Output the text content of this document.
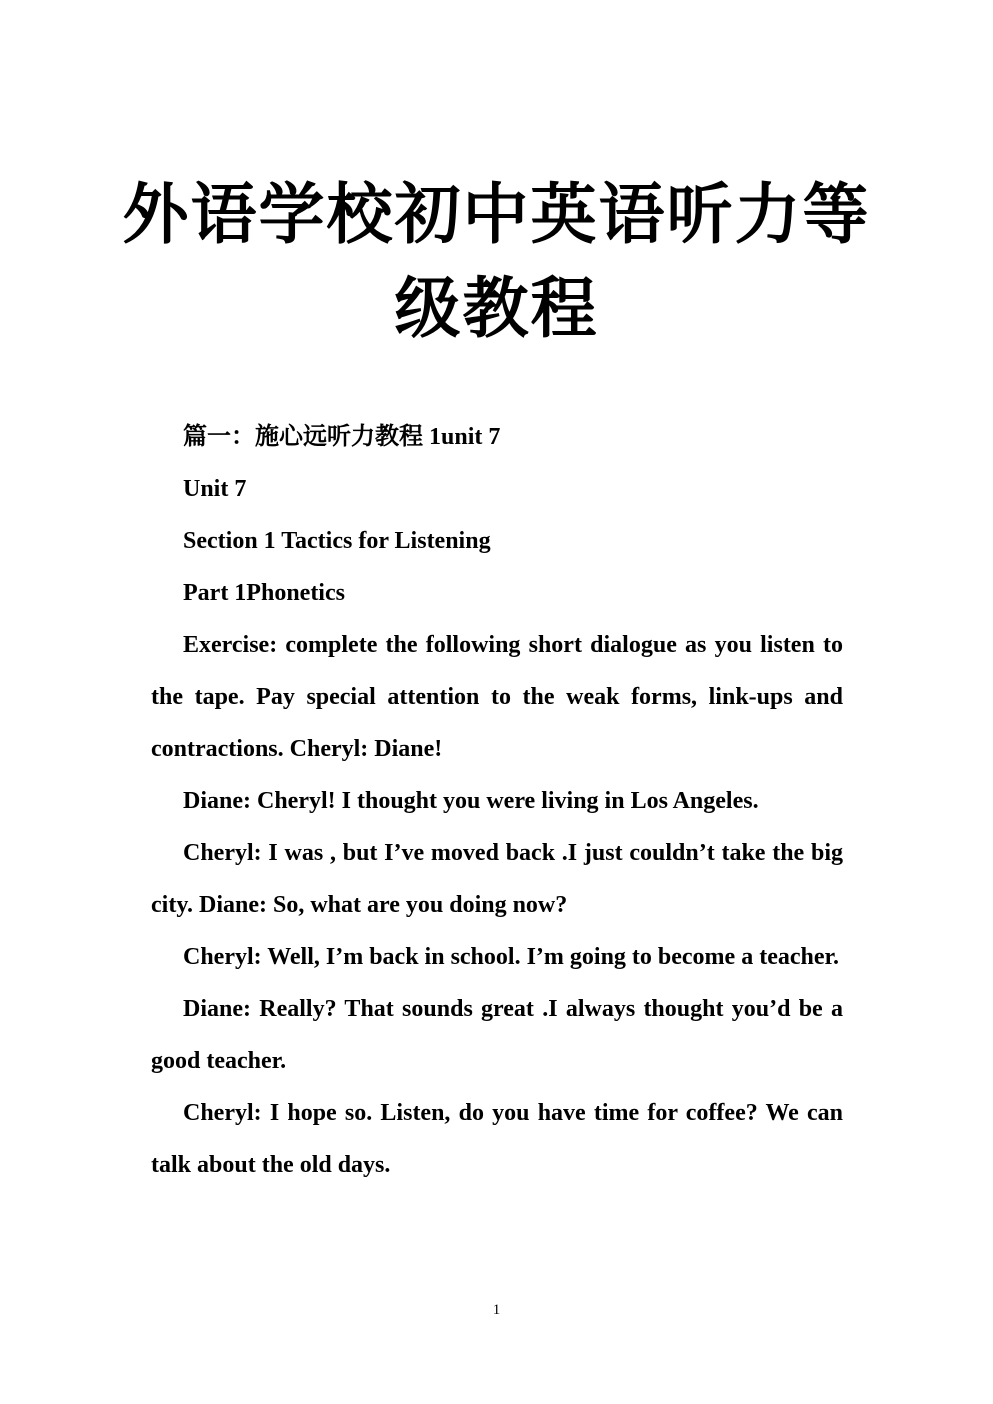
外语学校初中英语听力等
级教程

篇一：施心远听力教程 1unit 7

Unit 7

Section 1 Tactics for Listening

Part 1Phonetics

Exercise: complete the following short dialogue as you listen to the tape. Pay special attention to the weak forms, link-ups and contractions. Cheryl: Diane!

Diane: Cheryl! I thought you were living in Los Angeles.

Cheryl: I was , but I’ve moved back .I just couldn’t take the big city. Diane: So, what are you doing now?

Cheryl: Well, I’m back in school. I’m going to become a teacher.

Diane: Really? That sounds great .I always thought you’d be a good teacher.

Cheryl: I hope so. Listen, do you have time for coffee? We can talk about the old days.

1
